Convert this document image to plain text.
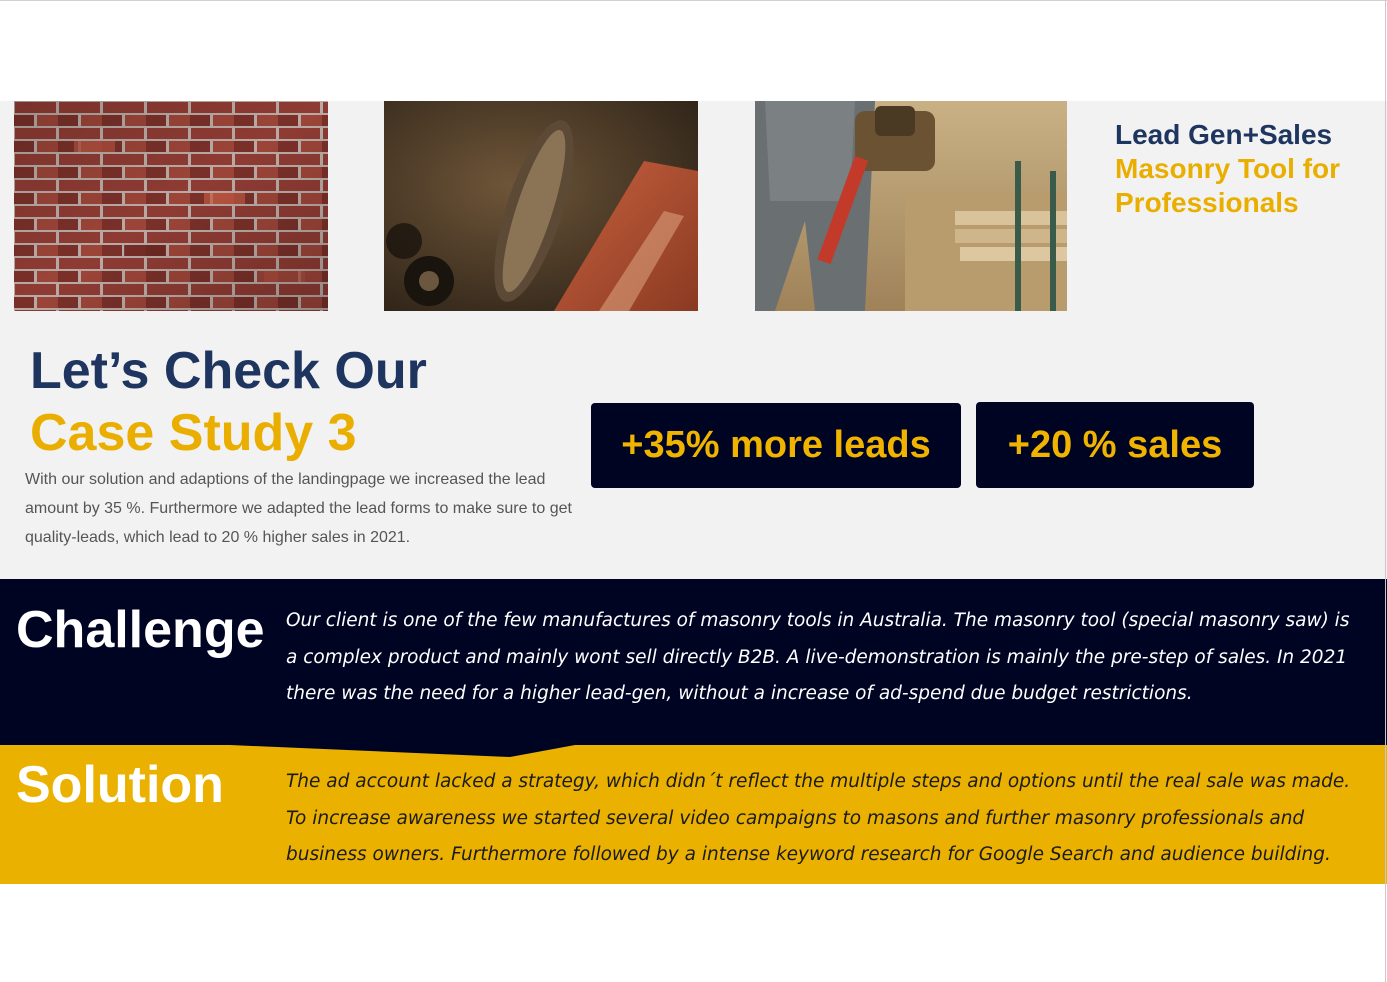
Lead Gen+Sales
Masonry Tool for Professionals
Let’s Check Our
Case Study 3
With our solution and adaptions of the landingpage we increased the lead amount by 35 %. Furthermore we adapted the lead forms to make sure to get quality-leads, which lead to 20 % higher sales in 2021.
+35% more leads +20 % sales
Challenge Our client is one of the few manufactures of masonry tools in Australia. The masonry tool (special masonry saw) is a complex product and mainly wont sell directly B2B. A live-demonstration is mainly the pre-step of sales. In 2021 there was the need for a higher lead-gen, without a increase of ad-spend due budget restrictions.
Solution	The ad account lacked a strategy, which didn´t reflect the multiple steps and options until the real sale was made. To increase awareness we started several video campaigns to masons and further masonry professionals and business owners. Furthermore followed by a intense keyword research for Google Search and audience building.
